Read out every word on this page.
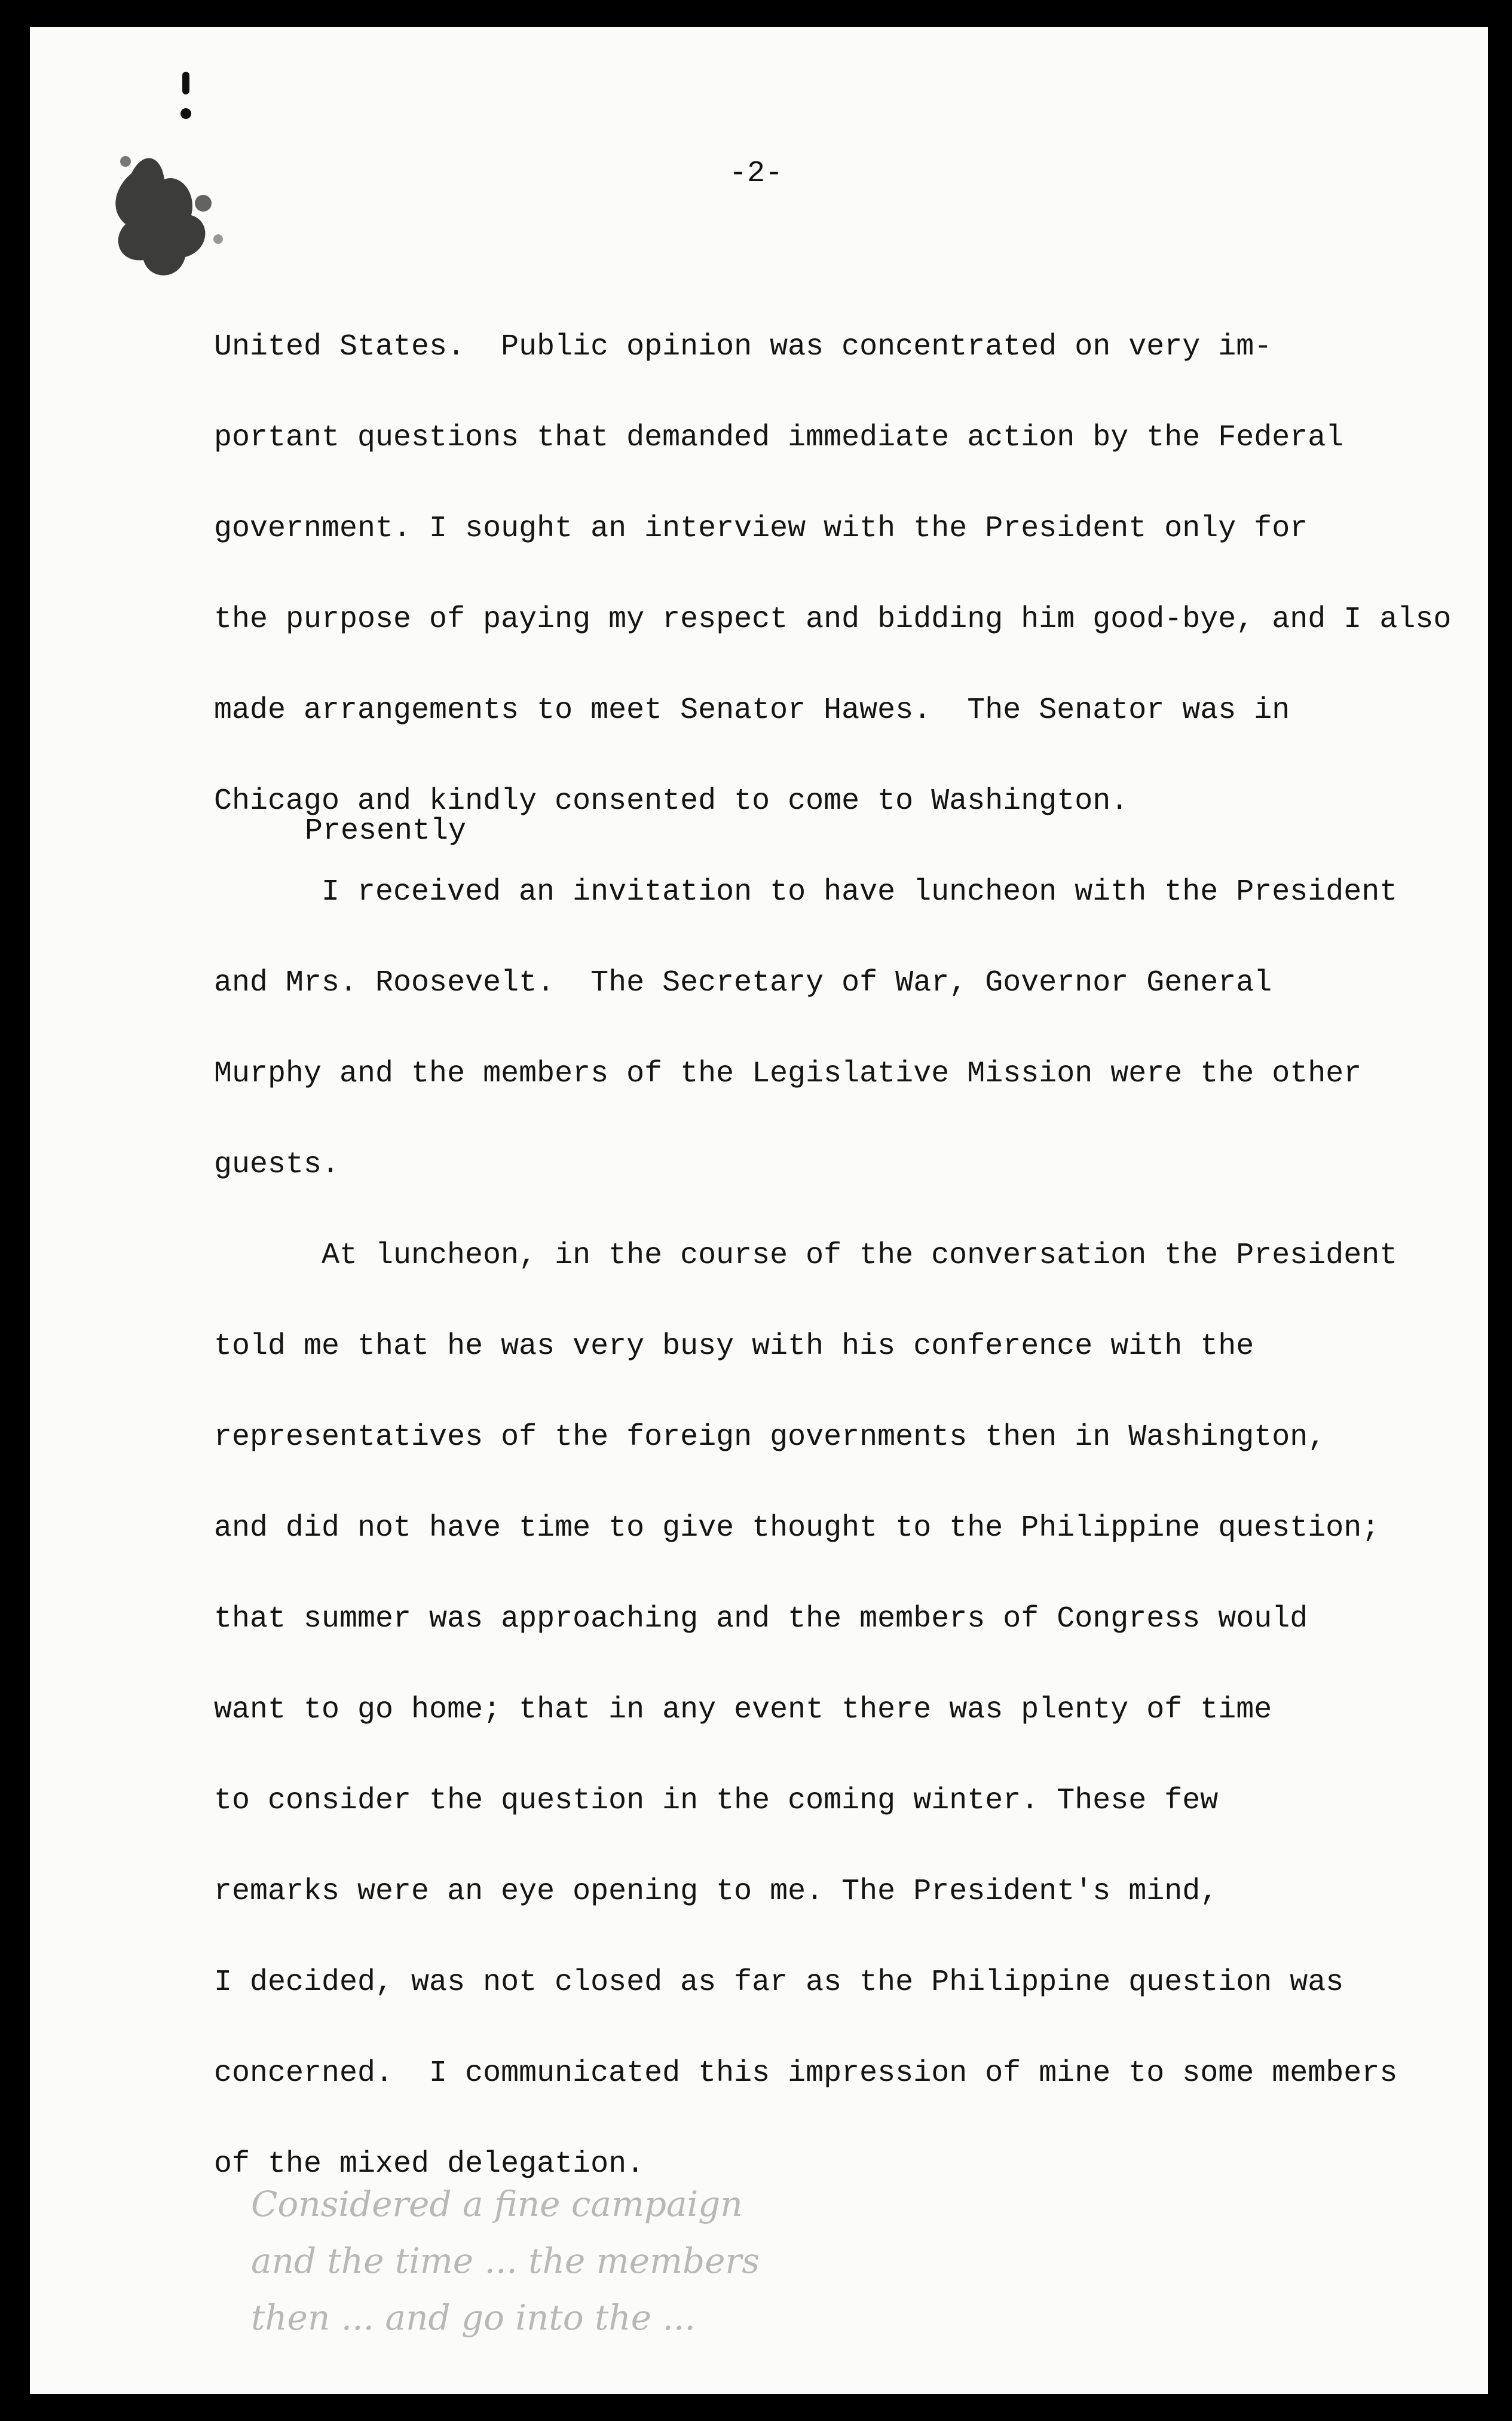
-2-
Presently
United States.  Public opinion was concentrated on very im-
portant questions that demanded immediate action by the Federal
government. I sought an interview with the President only for
the purpose of paying my respect and bidding him good-bye, and I also
made arrangements to meet Senator Hawes.  The Senator was in
Chicago and kindly consented to come to Washington.
I received an invitation to have luncheon with the President
and Mrs. Roosevelt.  The Secretary of War, Governor General
Murphy and the members of the Legislative Mission were the other
guests.
At luncheon, in the course of the conversation the President
told me that he was very busy with his conference with the
representatives of the foreign governments then in Washington,
and did not have time to give thought to the Philippine question;
that summer was approaching and the members of Congress would
want to go home; that in any event there was plenty of time
to consider the question in the coming winter. These few
remarks were an eye opening to me. The President's mind,
I decided, was not closed as far as the Philippine question was
concerned.  I communicated this impression of mine to some members
of the mixed delegation.
Considered a fine campaign
and the time ... the members
then ... and go into the ...
